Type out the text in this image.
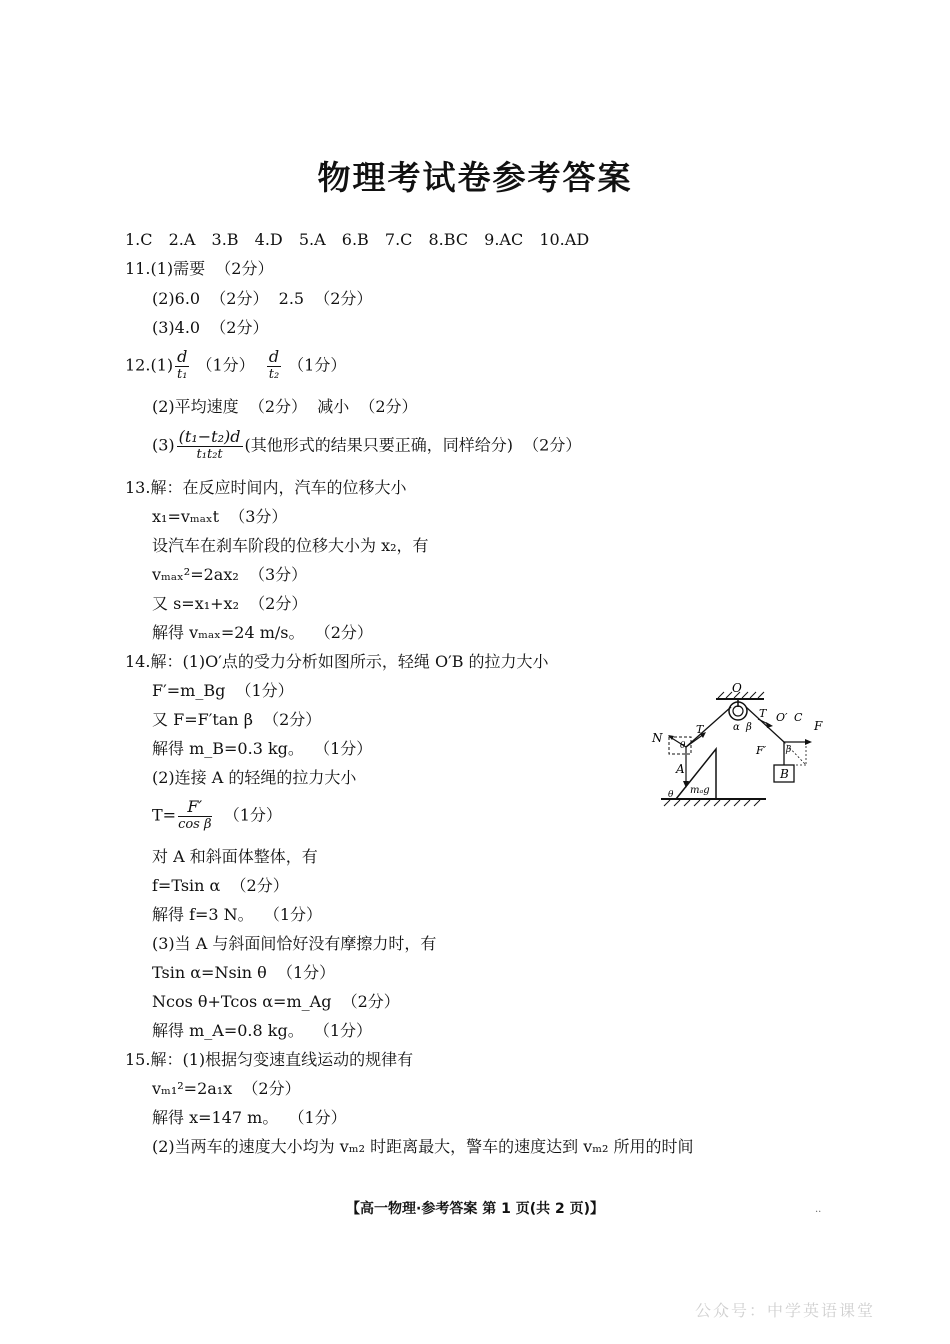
物理考试卷参考答案
1.C 2.A 3.B 4.D 5.A 6.B 7.C 8.BC 9.AC 10.AD
11.(1)需要  （2分）
(2)6.0  （2分）  2.5  （2分）
(3)4.0  （2分）
$12.(1) \frac{d}{\text{t₁}} (1$分） $\frac{d}{\text{t₂}} (1$分）
(2)平均速度  （2分）  减小  （2分）
$(3) \frac{\text{(t₁−t₂)d}}{\text{t₁t₂t}}$ (其他形式的结果只要正确，同样给分)  （2分）
13.解：在反应时间内，汽车的位移大小
x₁=vₘₐₓt  （3分）
设汽车在刹车阶段的位移大小为 x₂，有
vₘₐₓ²=2ax₂  （3分）
又 s=x₁+x₂  （2分）
解得 vₘₐₓ=24 m/s。  （2分）
14.解：(1)O′点的受力分析如图所示，轻绳 O′B 的拉力大小
F′=m_Bg  （1分）
又 F=F′tan β  （2分）
解得 m_B=0.3 kg。  （1分）
(2)连接 A 的轻绳的拉力大小
$T= \frac{F'}{\text{cos β}} (1$分）
对 A 和斜面体整体，有
f=Tsin α  （2分）
解得 f=3 N。  （1分）
(3)当 A 与斜面间恰好没有摩擦力时，有
Tsin α=Nsin θ  （1分）
Ncos θ+Tcos α=m_Ag  （2分）
解得 m_A=0.8 kg。  （1分）
15.解：(1)根据匀变速直线运动的规律有
vₘ₁²=2a₁x  （2分）
解得 x=147 m。  （1分）
(2)当两车的速度大小均为 vₘ₂ 时距离最大，警车的速度达到 vₘ₂ 所用的时间
O
T
T
α β
O′ C
F
F′ β
B
N
θ
A
mₐg
θ
【高一物理·参考答案 第 1 页(共 2 页)】	..
公众号：中学英语课堂
